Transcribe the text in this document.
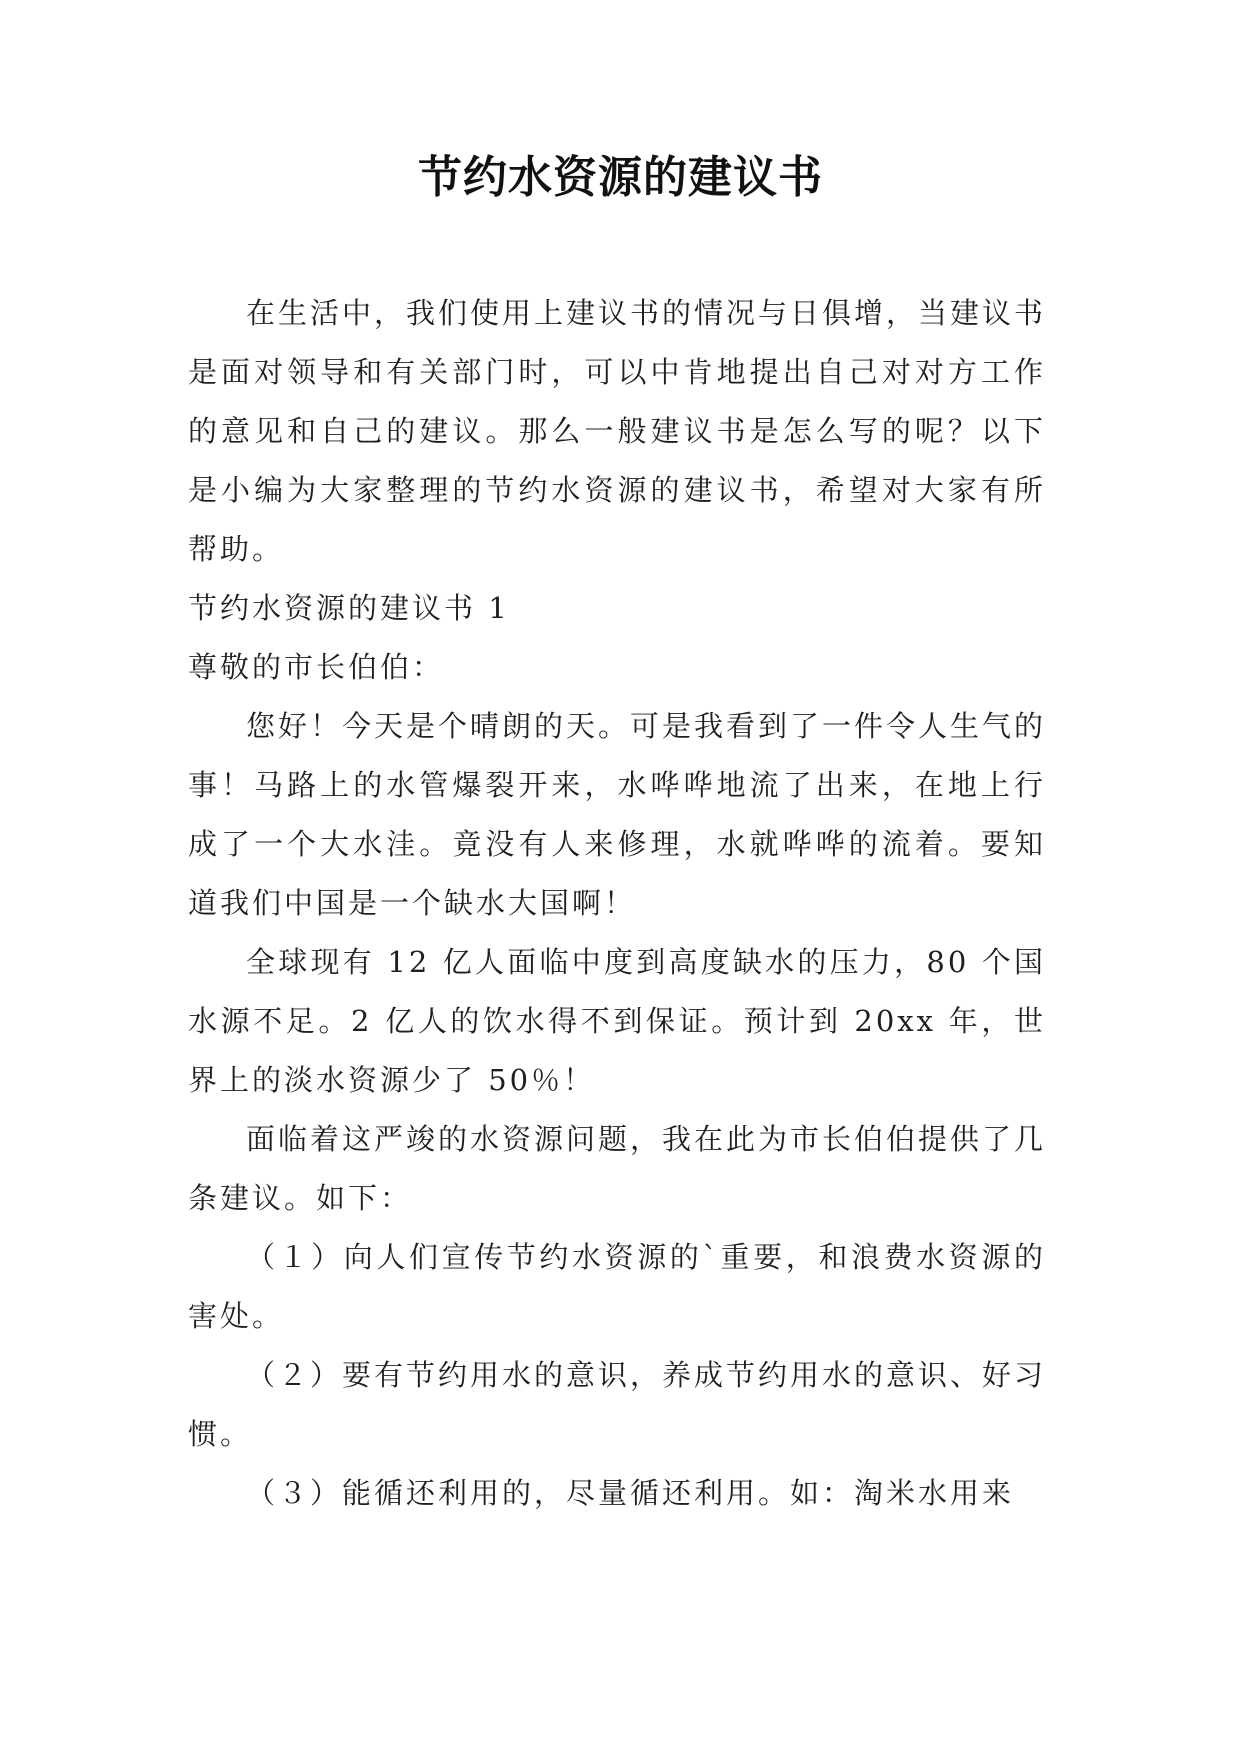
节约水资源的建议书

在生活中，我们使用上建议书的情况与日俱增，当建议书是面对领导和有关部门时，可以中肯地提出自己对对方工作的意见和自己的建议。那么一般建议书是怎么写的呢？以下是小编为大家整理的节约水资源的建议书，希望对大家有所帮助。

节约水资源的建议书 1

尊敬的市长伯伯：

您好！今天是个晴朗的天。可是我看到了一件令人生气的事！马路上的水管爆裂开来，水哗哗地流了出来，在地上行成了一个大水洼。竟没有人来修理，水就哗哗的流着。要知道我们中国是一个缺水大国啊！

全球现有 12 亿人面临中度到高度缺水的压力，80 个国水源不足。2 亿人的饮水得不到保证。预计到 20xx 年，世界上的淡水资源少了 50％！

面临着这严竣的水资源问题，我在此为市长伯伯提供了几条建议。如下：

（１）向人们宣传节约水资源的`重要，和浪费水资源的害处。

（２）要有节约用水的意识，养成节约用水的意识、好习惯。

（３）能循还利用的，尽量循还利用。如：淘米水用来
